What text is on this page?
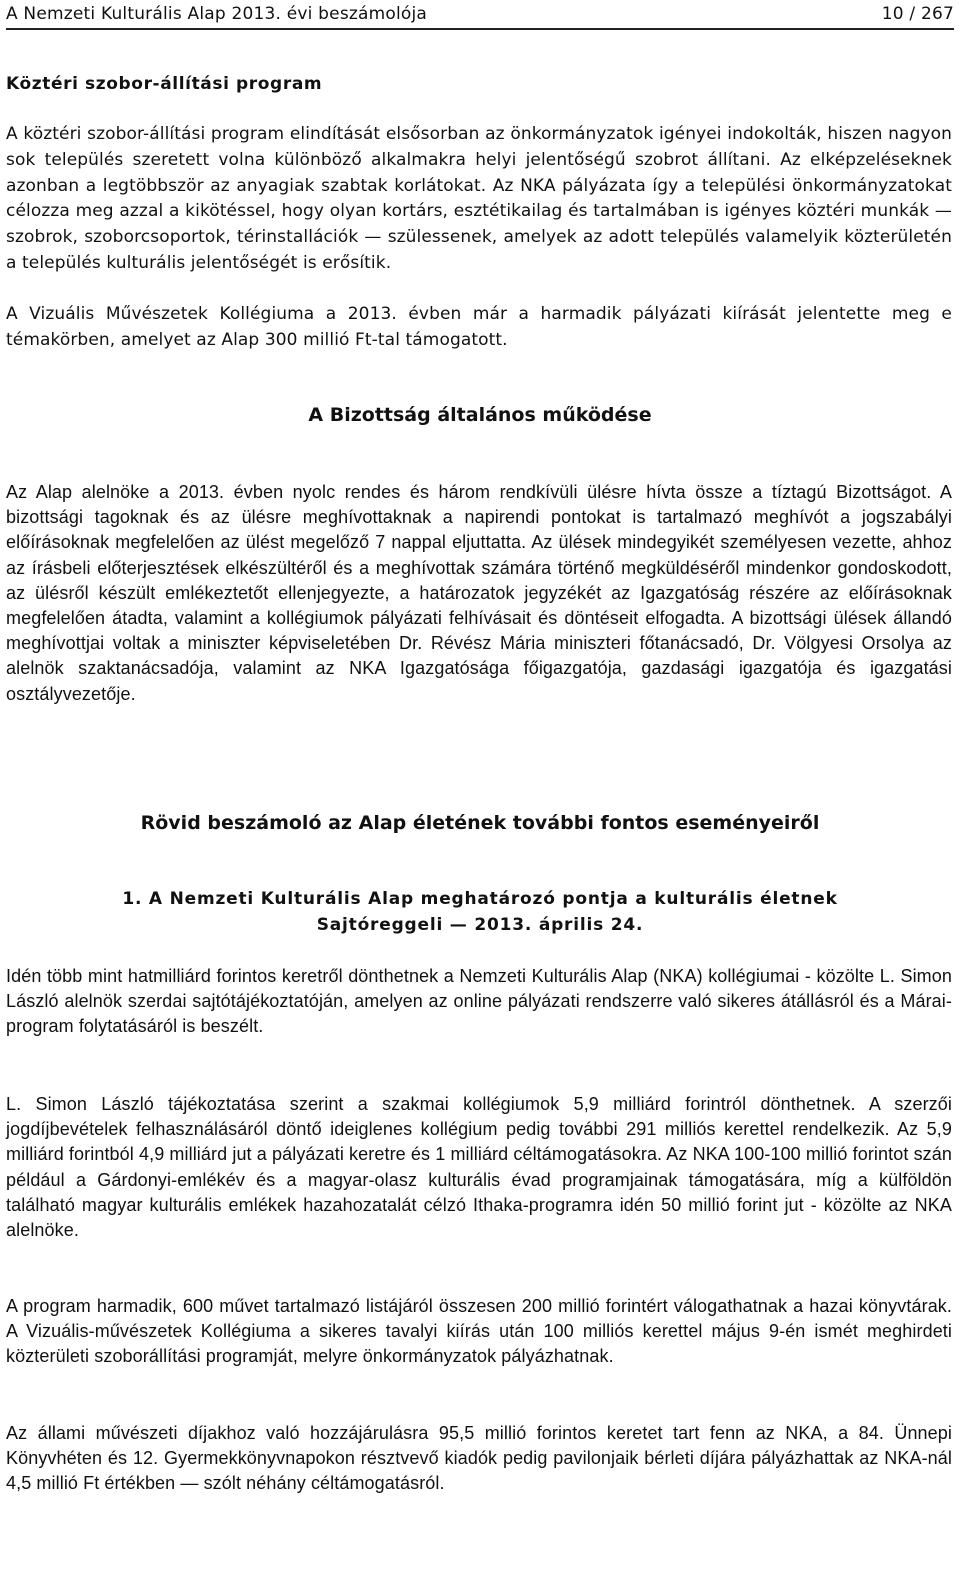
A Nemzeti Kulturális Alap 2013. évi beszámolója	10 / 267
Köztéri szobor-állítási program
A köztéri szobor-állítási program elindítását elsősorban az önkormányzatok igényei indokolták, hiszen nagyon sok település szeretett volna különböző alkalmakra helyi jelentőségű szobrot állítani. Az elképzeléseknek azonban a legtöbbször az anyagiak szabtak korlátokat. Az NKA pályázata így a települési önkormányzatokat célozza meg azzal a kikötéssel, hogy olyan kortárs, esztétikailag és tartalmában is igényes köztéri munkák — szobrok, szoborcsoportok, térinstallációk — szülessenek, amelyek az adott település valamelyik közterületén a település kulturális jelentőségét is erősítik.
A Vizuális Művészetek Kollégiuma a 2013. évben már a harmadik pályázati kiírását jelentette meg e témakörben, amelyet az Alap 300 millió Ft-tal támogatott.
A Bizottság általános működése
Az Alap alelnöke a 2013. évben nyolc rendes és három rendkívüli ülésre hívta össze a tíztagú Bizottságot. A bizottsági tagoknak és az ülésre meghívottaknak a napirendi pontokat is tartalmazó meghívót a jogszabályi előírásoknak megfelelően az ülést megelőző 7 nappal eljuttatta. Az ülések mindegyikét személyesen vezette, ahhoz az írásbeli előterjesztések elkészültéről és a meghívottak számára történő megküldéséről mindenkor gondoskodott, az ülésről készült emlékeztetőt ellenjegyezte, a határozatok jegyzékét az Igazgatóság részére az előírásoknak megfelelően átadta, valamint a kollégiumok pályázati felhívásait és döntéseit elfogadta. A bizottsági ülések állandó meghívottjai voltak a miniszter képviseletében Dr. Révész Mária miniszteri főtanácsadó, Dr. Völgyesi Orsolya az alelnök szaktanácsadója, valamint az NKA Igazgatósága főigazgatója, gazdasági igazgatója és igazgatási osztályvezetője.
Rövid beszámoló az Alap életének további fontos eseményeiről
1. A Nemzeti Kulturális Alap meghatározó pontja a kulturális életnek
Sajtóreggeli — 2013. április 24.
Idén több mint hatmilliárd forintos keretről dönthetnek a Nemzeti Kulturális Alap (NKA) kollégiumai - közölte L. Simon László alelnök szerdai sajtótájékoztatóján, amelyen az online pályázati rendszerre való sikeres átállásról és a Márai-program folytatásáról is beszélt.
L. Simon László tájékoztatása szerint a szakmai kollégiumok 5,9 milliárd forintról dönthetnek. A szerzői jogdíjbevételek felhasználásáról döntő ideiglenes kollégium pedig további 291 milliós kerettel rendelkezik. Az 5,9 milliárd forintból 4,9 milliárd jut a pályázati keretre és 1 milliárd céltámogatásokra. Az NKA 100-100 millió forintot szán például a Gárdonyi-emlékév és a magyar-olasz kulturális évad programjainak támogatására, míg a külföldön található magyar kulturális emlékek hazahozatalát célzó Ithaka-programra idén 50 millió forint jut - közölte az NKA alelnöke.
A program harmadik, 600 művet tartalmazó listájáról összesen 200 millió forintért válogathatnak a hazai könyvtárak. A Vizuális-művészetek Kollégiuma a sikeres tavalyi kiírás után 100 milliós kerettel május 9-én ismét meghirdeti közterületi szoborállítási programját, melyre önkormányzatok pályázhatnak.
Az állami művészeti díjakhoz való hozzájárulásra 95,5 millió forintos keretet tart fenn az NKA, a 84. Ünnepi Könyvhéten és 12. Gyermekkönyvnapokon résztvevő kiadók pedig pavilonjaik bérleti díjára pályázhattak az NKA-nál 4,5 millió Ft értékben — szólt néhány céltámogatásról.
